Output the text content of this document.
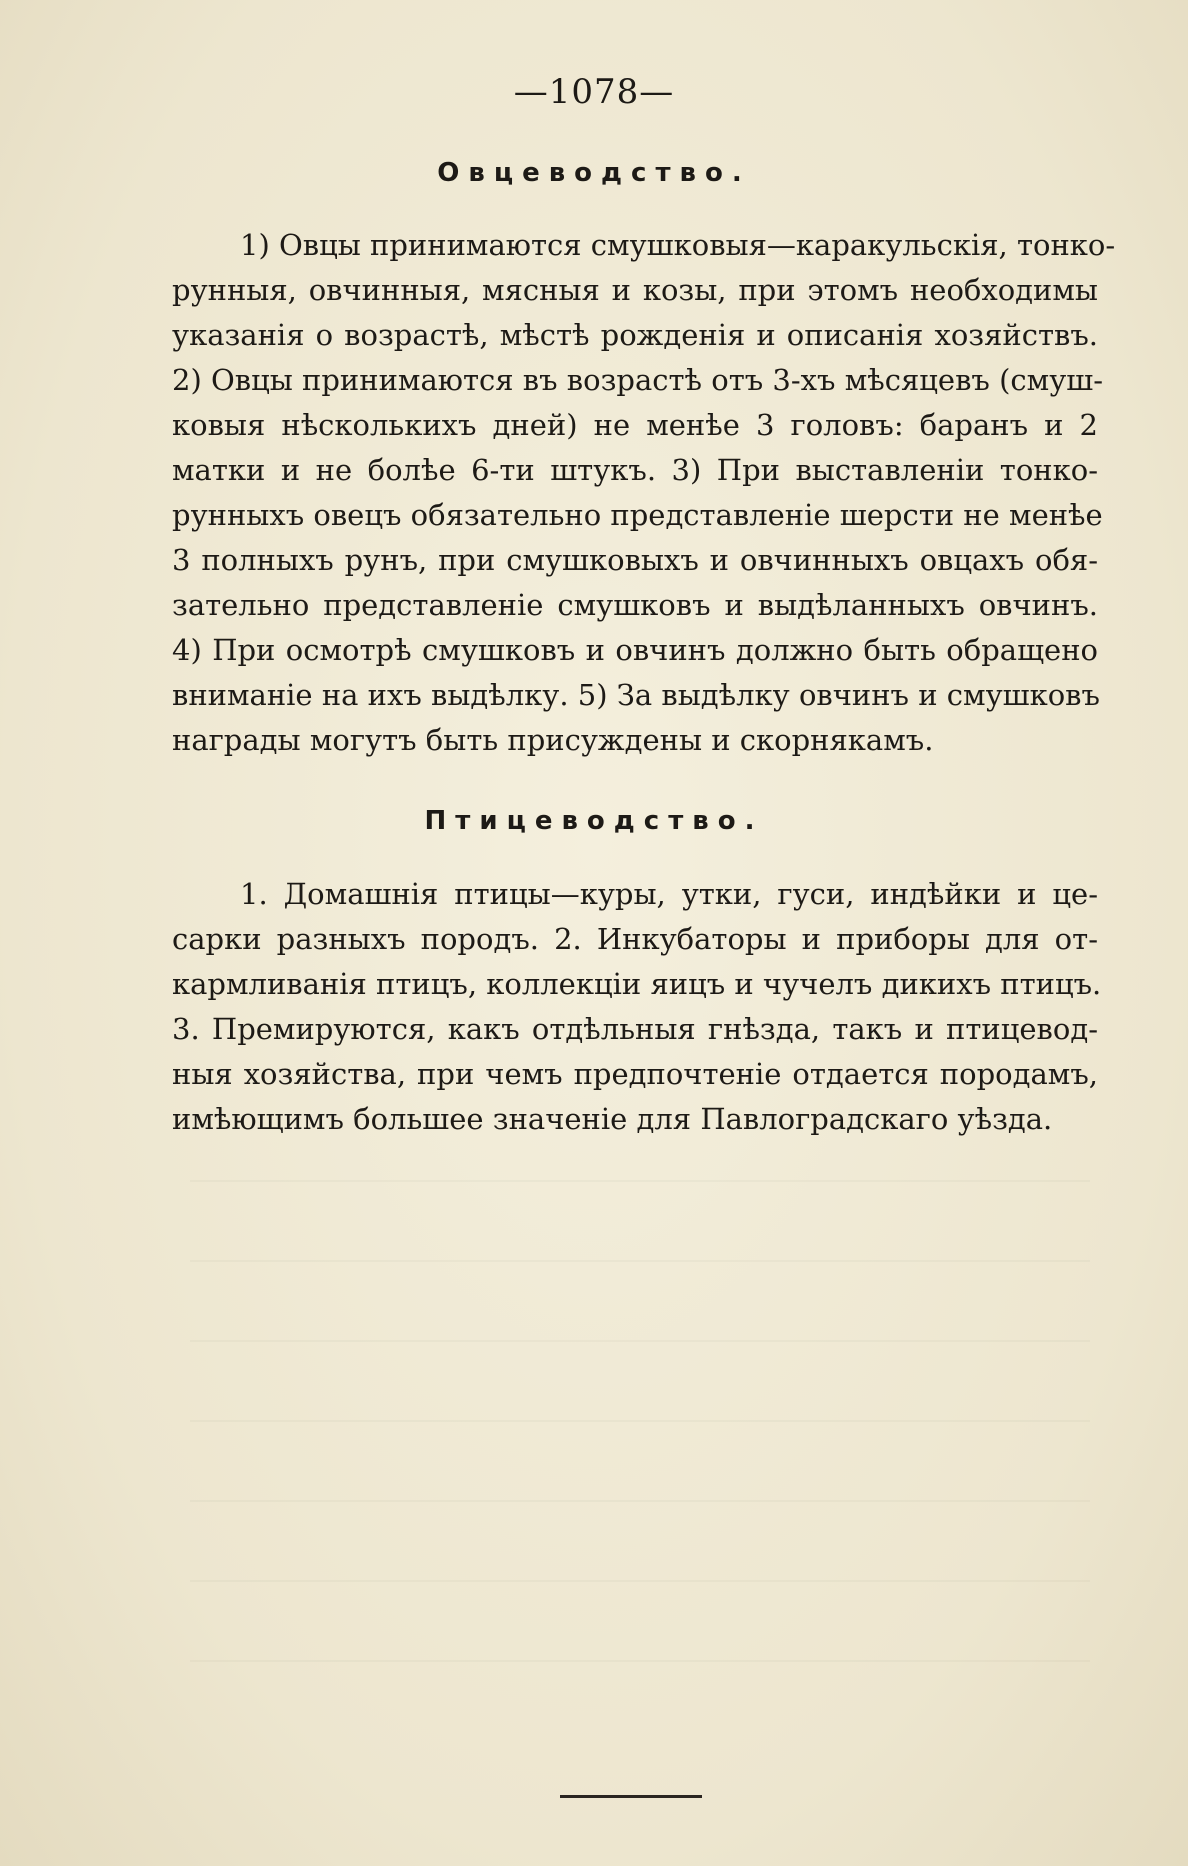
—1078—
Овцеводство.
1) Овцы принимаются смушковыя—каракульскія, тонко-
рунныя, овчинныя, мясныя и козы, при этомъ необходимы
указанія о возрастѣ, мѣстѣ рожденія и описанія хозяйствъ.
2) Овцы принимаются въ возрастѣ отъ 3-хъ мѣсяцевъ (смуш-
ковыя нѣсколькихъ дней) не менѣе 3 головъ: баранъ и 2
матки и не болѣе 6-ти штукъ. 3) При выставленіи тонко-
рунныхъ овецъ обязательно представленіе шерсти не менѣе
3 полныхъ рунъ, при смушковыхъ и овчинныхъ овцахъ обя-
зательно представленіе смушковъ и выдѣланныхъ овчинъ.
4) При осмотрѣ смушковъ и овчинъ должно быть обращено
вниманіе на ихъ выдѣлку. 5) За выдѣлку овчинъ и смушковъ
награды могутъ быть присуждены и скорнякамъ.
Птицеводство.
1. Домашнія птицы—куры, утки, гуси, индѣйки и це-
сарки разныхъ породъ. 2. Инкубаторы и приборы для от-
кармливанія птицъ, коллекціи яицъ и чучелъ дикихъ птицъ.
3. Премируются, какъ отдѣльныя гнѣзда, такъ и птицевод-
ныя хозяйства, при чемъ предпочтеніе отдается породамъ,
имѣющимъ большее значеніе для Павлоградскаго уѣзда.
